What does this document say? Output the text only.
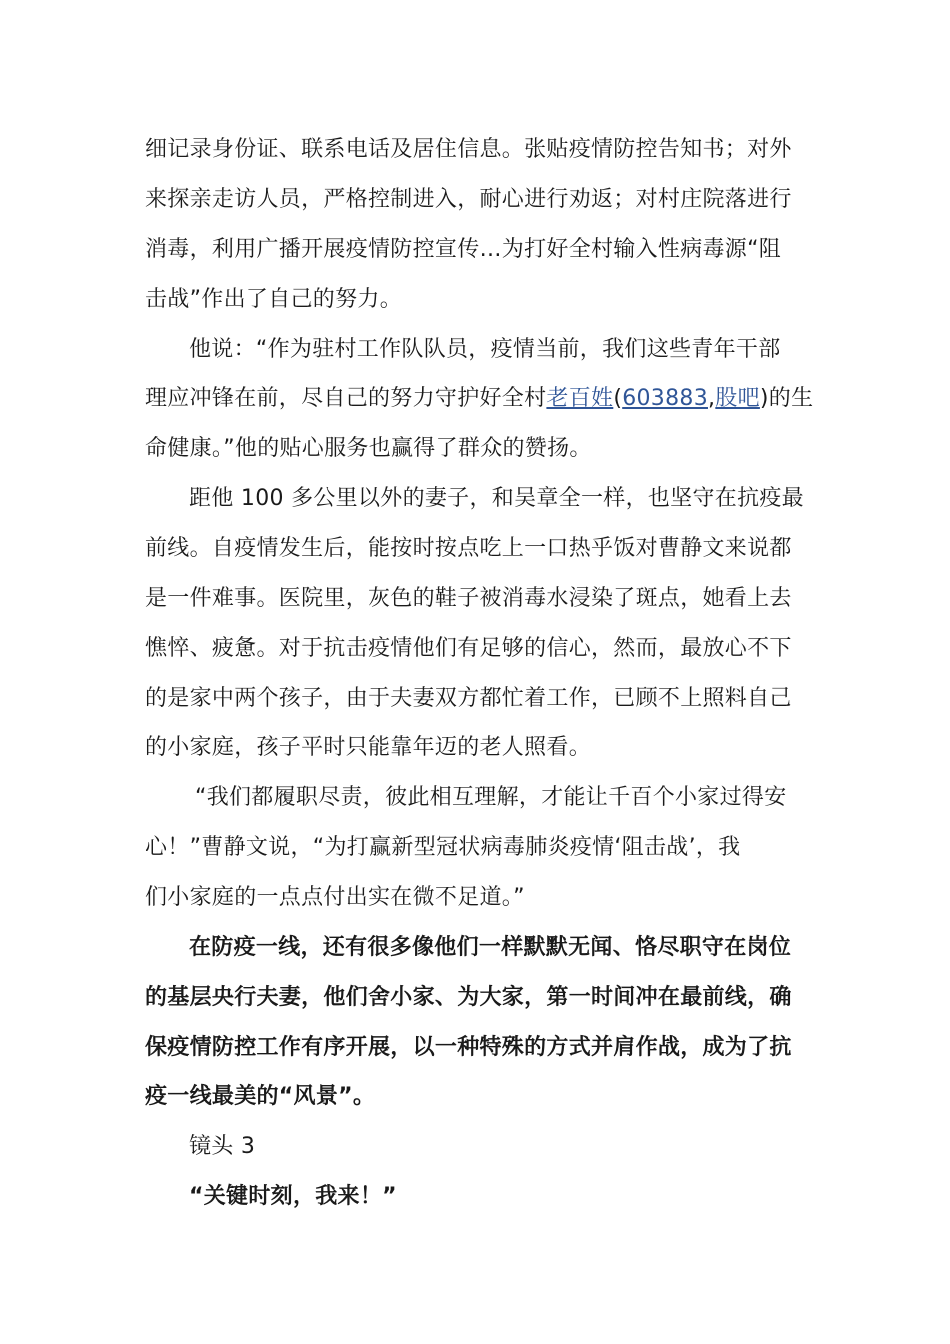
细记录身份证、联系电话及居住信息。张贴疫情防控告知书；对外
来探亲走访人员，严格控制进入，耐心进行劝返；对村庄院落进行
消毒，利用广播开展疫情防控宣传…为打好全村输入性病毒源“阻
击战”作出了自己的努力。
他说：“作为驻村工作队队员，疫情当前，我们这些青年干部
理应冲锋在前，尽自己的努力守护好全村老百姓(603883,股吧)的生
命健康。”他的贴心服务也赢得了群众的赞扬。
距他 100 多公里以外的妻子，和吴章全一样，也坚守在抗疫最
前线。自疫情发生后，能按时按点吃上一口热乎饭对曹静文来说都
是一件难事。医院里，灰色的鞋子被消毒水浸染了斑点，她看上去
憔悴、疲惫。对于抗击疫情他们有足够的信心，然而，最放心不下
的是家中两个孩子，由于夫妻双方都忙着工作，已顾不上照料自己
的小家庭，孩子平时只能靠年迈的老人照看。
“我们都履职尽责，彼此相互理解，才能让千百个小家过得安
心！”曹静文说，“为打赢新型冠状病毒肺炎疫情‘阻击战’，我
们小家庭的一点点付出实在微不足道。”
在防疫一线，还有很多像他们一样默默无闻、恪尽职守在岗位
的基层央行夫妻，他们舍小家、为大家，第一时间冲在最前线，确
保疫情防控工作有序开展，以一种特殊的方式并肩作战，成为了抗
疫一线最美的“风景”。
镜头 3
“关键时刻，我来！”
